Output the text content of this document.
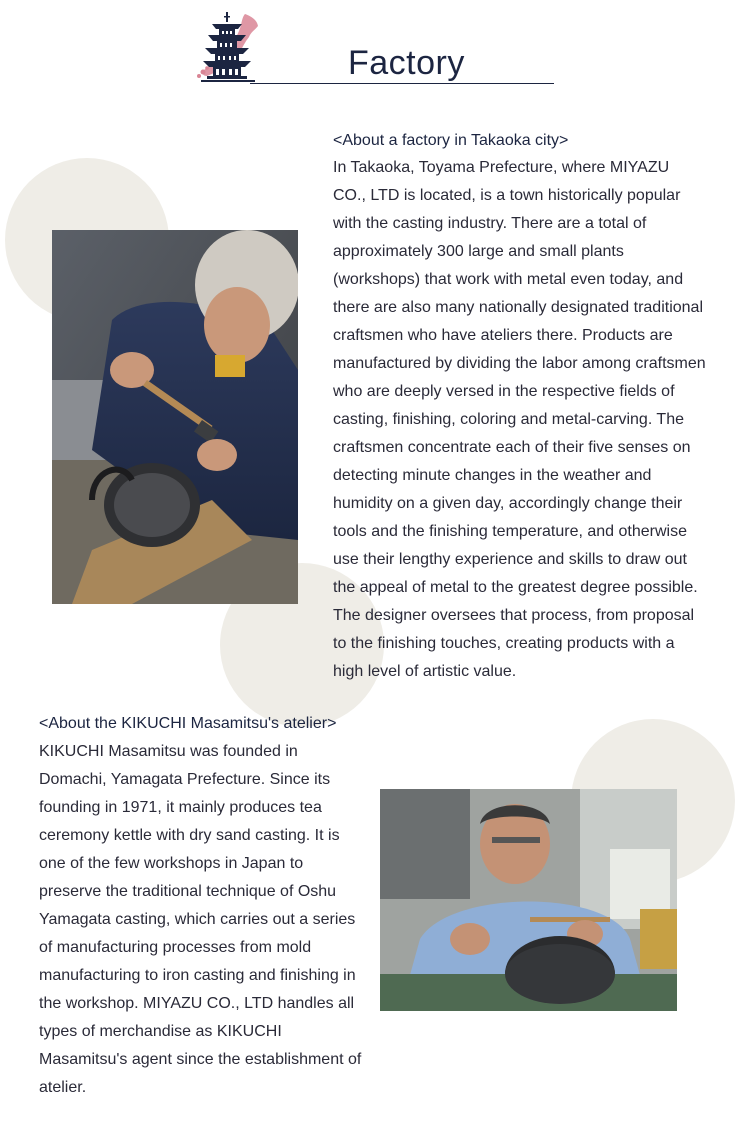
Factory
<About a factory in Takaoka city>
In Takaoka, Toyama Prefecture, where MIYAZU
CO., LTD is located, is a town historically popular
with the casting industry. There are a total of
approximately 300 large and small plants
(workshops) that work with metal even today, and
there are also many nationally designated traditional
craftsmen who have ateliers there. Products are
manufactured by dividing the labor among craftsmen
who are deeply versed in the respective fields of
casting, finishing, coloring and metal-carving. The
craftsmen concentrate each of their five senses on
detecting minute changes in the weather and
humidity on a given day, accordingly change their
tools and the finishing temperature, and otherwise
use their lengthy experience and skills to draw out
the appeal of metal to the greatest degree possible.
The designer oversees that process, from proposal
to the finishing touches, creating products with a
high level of artistic value.
<About the KIKUCHI Masamitsu's atelier>
KIKUCHI Masamitsu was founded in
Domachi, Yamagata Prefecture. Since its
founding in 1971, it mainly produces tea
ceremony kettle with dry sand casting. It is
one of the few workshops in Japan to
preserve the traditional technique of Oshu
Yamagata casting, which carries out a series
of manufacturing processes from mold
manufacturing to iron casting and finishing in
the workshop. MIYAZU CO., LTD handles all
types of merchandise as KIKUCHI
Masamitsu's agent since the establishment of
atelier.
